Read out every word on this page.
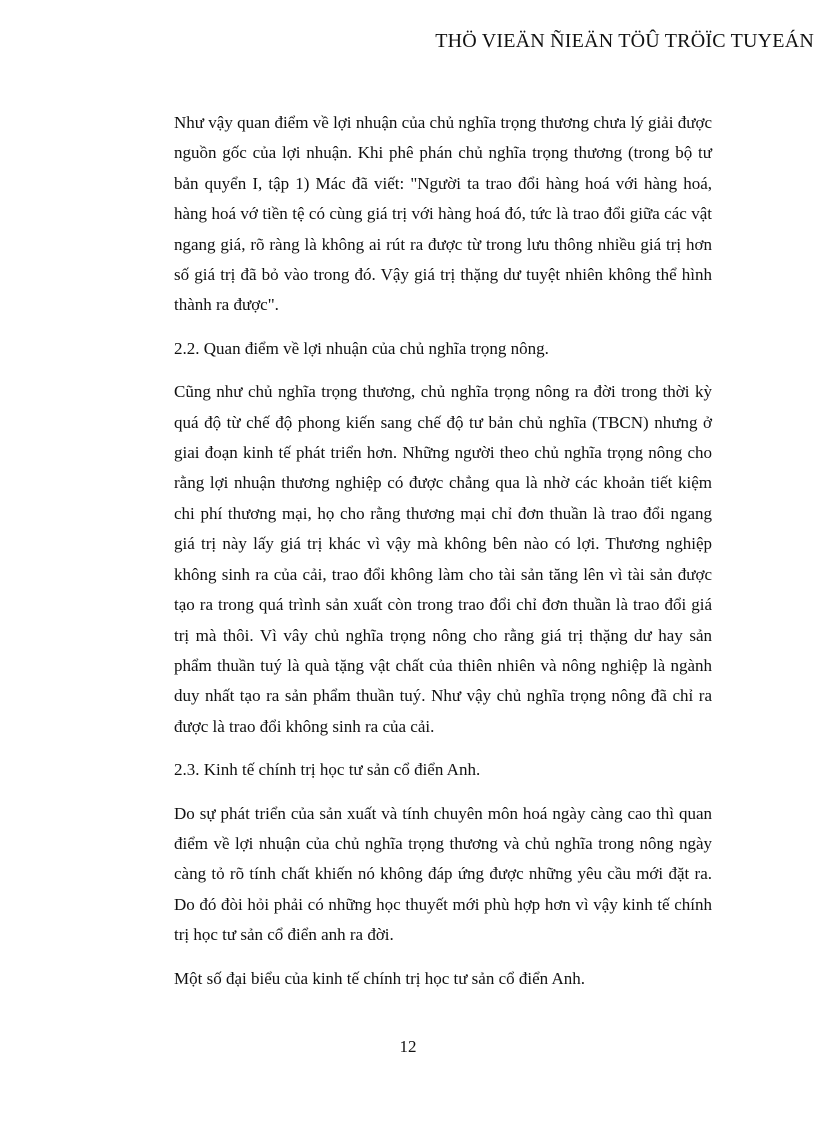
THÖ VIEÄN ÑIEÄN TÖÛ TRÖÏC TUYEÁN

Như vậy quan điểm về lợi nhuận của chủ nghĩa trọng thương chưa lý giải được nguồn gốc của lợi nhuận. Khi phê phán chủ nghĩa trọng thương (trong bộ tư bản quyển I, tập 1) Mác đã viết: "Người ta trao đổi hàng hoá với hàng hoá, hàng hoá vớ tiền tệ có cùng giá trị với hàng hoá đó, tức là trao đổi giữa các vật ngang giá, rõ ràng là không ai rút ra được từ trong lưu thông nhiều giá trị hơn số giá trị đã bỏ vào trong đó. Vậy giá trị thặng dư tuyệt nhiên không thể hình thành ra được".

2.2. Quan điểm về lợi nhuận của chủ nghĩa trọng nông.

Cũng như chủ nghĩa trọng thương, chủ nghĩa trọng nông ra đời trong thời kỳ quá độ từ chế độ phong kiến sang chế độ tư bản chủ nghĩa (TBCN) nhưng ở giai đoạn kinh tế phát triển hơn. Những người theo chủ nghĩa trọng nông cho rằng lợi nhuận thương nghiệp có được chẳng qua là nhờ các khoản tiết kiệm chi phí thương mại, họ cho rằng thương mại chỉ đơn thuần là trao đổi ngang giá trị này lấy giá trị khác vì vậy mà không bên nào có lợi. Thương nghiệp không sinh ra của cải, trao đổi không làm cho tài sản tăng lên vì tài sản được tạo ra trong quá trình sản xuất còn trong trao đổi chỉ đơn thuần là trao đổi giá trị mà thôi. Vì vây chủ nghĩa trọng nông cho rằng giá trị thặng dư hay sản phẩm thuần tuý là quà tặng vật chất của thiên nhiên và nông nghiệp là ngành duy nhất tạo ra sản phẩm thuần tuý. Như vậy chủ nghĩa trọng nông đã chỉ ra được là trao đổi không sinh ra của cải.

2.3. Kinh tế chính trị học tư sản cổ điển Anh.

Do sự phát triển của sản xuất và tính chuyên môn hoá ngày càng cao thì quan điểm về lợi nhuận của chủ nghĩa trọng thương và chủ nghĩa trong nông ngày càng tỏ rõ tính chất khiến nó không đáp ứng được những yêu cầu mới đặt ra. Do đó đòi hỏi phải có những học thuyết mới phù hợp hơn vì vậy kinh tế chính trị học tư sản cổ điển anh ra đời.

Một số đại biểu của kinh tế chính trị học tư sản cổ điển Anh.

12
